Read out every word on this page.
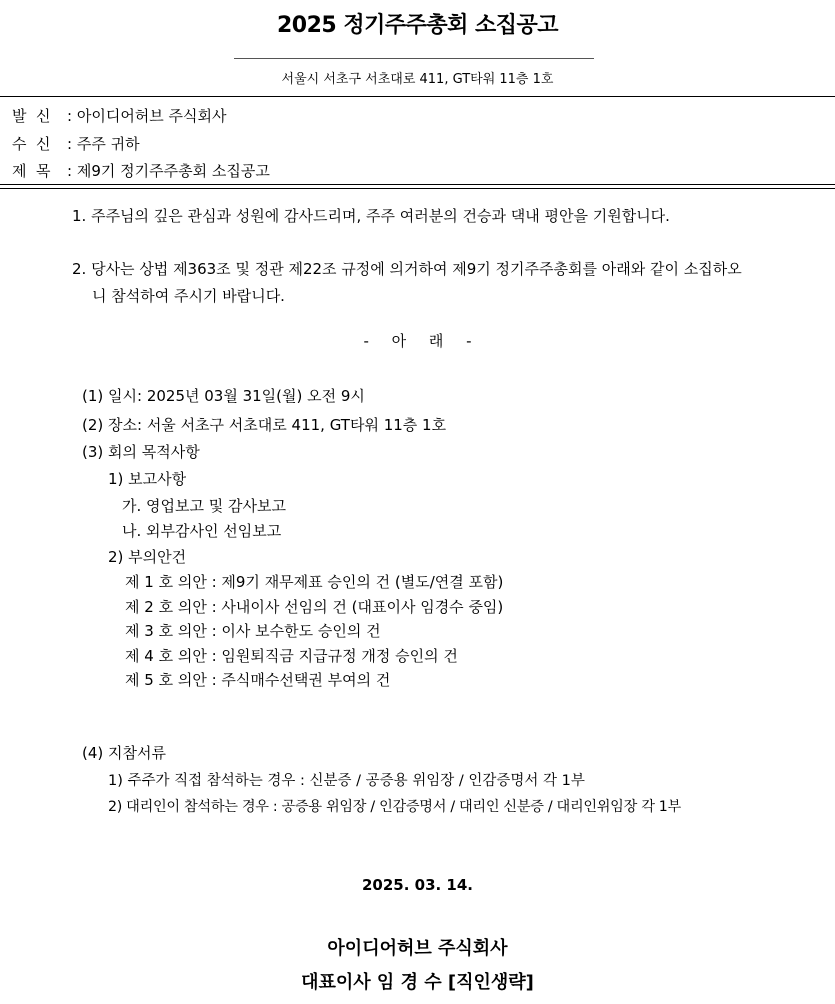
2025 정기주주총회 소집공고
서울시 서초구 서초대로 411, GT타워 11층 1호
발  신 : 아이디어허브 주식회사
수  신 : 주주 귀하
제  목 : 제9기 정기주주총회 소집공고
1. 주주님의 깊은 관심과 성원에 감사드리며, 주주 여러분의 건승과 댁내 평안을 기원합니다.
2. 당사는 상법 제363조 및 정관 제22조 규정에 의거하여 제9기 정기주주총회를 아래와 같이 소집하오
니 참석하여 주시기 바랍니다.
- 아 래 -
(1) 일시: 2025년 03월 31일(월) 오전 9시
(2) 장소: 서울 서초구 서초대로 411, GT타워 11층 1호
(3) 회의 목적사항
1) 보고사항
가. 영업보고 및 감사보고
나. 외부감사인 선임보고
2) 부의안건
제 1 호 의안 : 제9기 재무제표 승인의 건 (별도/연결 포함)
제 2 호 의안 : 사내이사 선임의 건 (대표이사 임경수 중임)
제 3 호 의안 : 이사 보수한도 승인의 건
제 4 호 의안 : 임원퇴직금 지급규정 개정 승인의 건
제 5 호 의안 : 주식매수선택권 부여의 건
(4) 지참서류
1) 주주가 직접 참석하는 경우 : 신분증 / 공증용 위임장 / 인감증명서 각 1부
2) 대리인이 참석하는 경우 : 공증용 위임장 / 인감증명서 / 대리인 신분증 / 대리인위임장 각 1부
2025. 03. 14.
아이디어허브 주식회사
대표이사 임 경 수 [직인생략]
